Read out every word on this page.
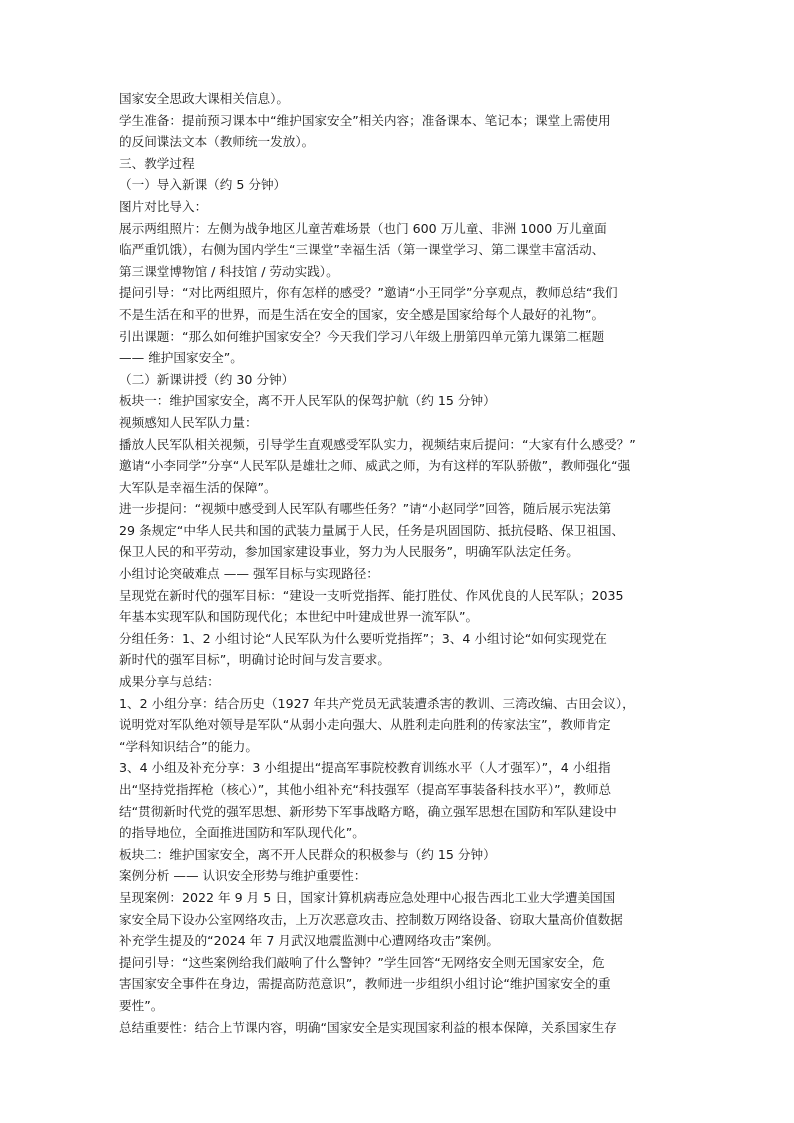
国家安全思政大课相关信息）。
学生准备：提前预习课本中“维护国家安全”相关内容；准备课本、笔记本；课堂上需使用
的反间谍法文本（教师统一发放）。
三、教学过程
（一）导入新课（约 5 分钟）
图片对比导入：
展示两组照片：左侧为战争地区儿童苦难场景（也门 600 万儿童、非洲 1000 万儿童面
临严重饥饿），右侧为国内学生“三课堂”幸福生活（第一课堂学习、第二课堂丰富活动、
第三课堂博物馆 / 科技馆 / 劳动实践）。
提问引导：“对比两组照片，你有怎样的感受？”邀请“小王同学”分享观点，教师总结“我们
不是生活在和平的世界，而是生活在安全的国家，安全感是国家给每个人最好的礼物”。
引出课题：“那么如何维护国家安全？今天我们学习八年级上册第四单元第九课第二框题
—— 维护国家安全”。
（二）新课讲授（约 30 分钟）
板块一：维护国家安全，离不开人民军队的保驾护航（约 15 分钟）
视频感知人民军队力量：
播放人民军队相关视频，引导学生直观感受军队实力，视频结束后提问：“大家有什么感受？”
邀请“小李同学”分享“人民军队是雄壮之师、威武之师，为有这样的军队骄傲”，教师强化“强
大军队是幸福生活的保障”。
进一步提问：“视频中感受到人民军队有哪些任务？”请“小赵同学”回答，随后展示宪法第
29 条规定“中华人民共和国的武装力量属于人民，任务是巩固国防、抵抗侵略、保卫祖国、
保卫人民的和平劳动，参加国家建设事业，努力为人民服务”，明确军队法定任务。
小组讨论突破难点 —— 强军目标与实现路径：
呈现党在新时代的强军目标：“建设一支听党指挥、能打胜仗、作风优良的人民军队；2035
年基本实现军队和国防现代化；本世纪中叶建成世界一流军队”。
分组任务：1、2 小组讨论“人民军队为什么要听党指挥”；3、4 小组讨论“如何实现党在
新时代的强军目标”，明确讨论时间与发言要求。
成果分享与总结：
1、2 小组分享：结合历史（1927 年共产党员无武装遭杀害的教训、三湾改编、古田会议），
说明党对军队绝对领导是军队“从弱小走向强大、从胜利走向胜利的传家法宝”，教师肯定
“学科知识结合”的能力。
3、4 小组及补充分享：3 小组提出“提高军事院校教育训练水平（人才强军）”，4 小组指
出“坚持党指挥枪（核心）”，其他小组补充“科技强军（提高军事装备科技水平）”，教师总
结“贯彻新时代党的强军思想、新形势下军事战略方略，确立强军思想在国防和军队建设中
的指导地位，全面推进国防和军队现代化”。
板块二：维护国家安全，离不开人民群众的积极参与（约 15 分钟）
案例分析 —— 认识安全形势与维护重要性：
呈现案例：2022 年 9 月 5 日，国家计算机病毒应急处理中心报告西北工业大学遭美国国
家安全局下设办公室网络攻击，上万次恶意攻击、控制数万网络设备、窃取大量高价值数据
补充学生提及的“2024 年 7 月武汉地震监测中心遭网络攻击”案例。
提问引导：“这些案例给我们敲响了什么警钟？”学生回答“无网络安全则无国家安全，危
害国家安全事件在身边，需提高防范意识”，教师进一步组织小组讨论“维护国家安全的重
要性”。
总结重要性：结合上节课内容，明确“国家安全是实现国家利益的根本保障，关系国家生存
